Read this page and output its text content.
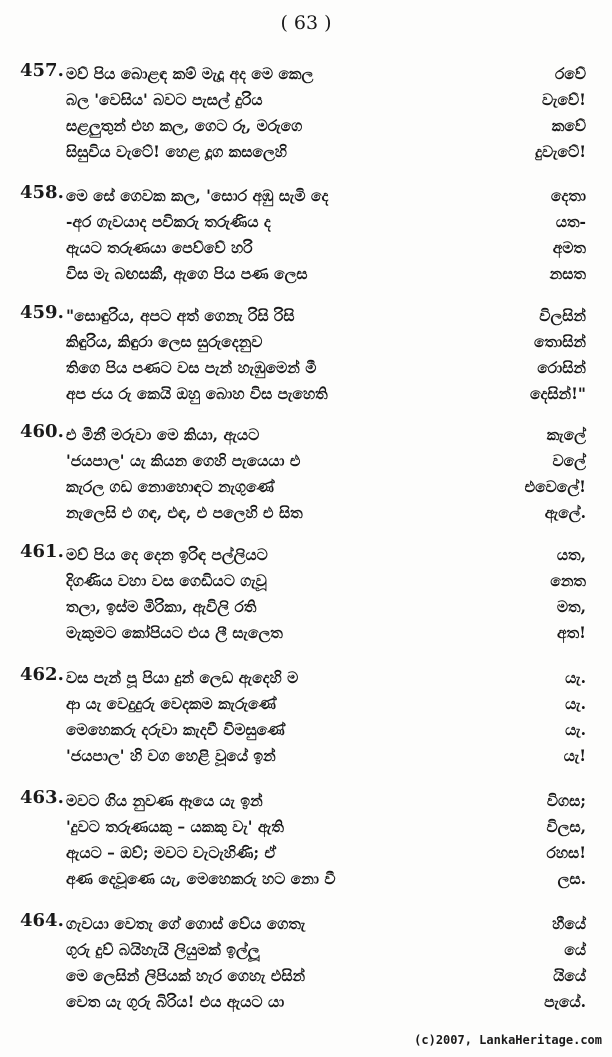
( 63 )
457. මව් පිය බොළඳ කම් මැදූ අද මෙ කෙල	රවේ
බල 'වෙසිය' බවට පැසල් දුරිය	වැවේ!
සළලුතුන් එහ කල, ගෙට රූ, මරුගෙ	කවේ
සිසුවිය වැටේ! හෙළ දූග කසලෙහි	දුවැටේ!
458. මෙ සේ ගෙවක කල, 'සොර අඹු සැමි දෙ	දෙතා
-අර ගැවයාද පවිකරු තරුණිය ද	යත-
ඇයට තරුණයා පෙව්වේ හරි	අමත
විස මැ බඟසකී, ඇගෙ පිය පණ ලෙස	නසත
459. "සොඳුරිය, අපට අත් ගෙනැ රිසි රිසි	විලසින්
කිඳුරිය, කිඳුරා ලෙස සුරුදෙනුව	තොසින්
තිගෙ පිය පණට වස පැන් හැඹුමෙන් මී	රොසින්
අප ජය රු කෙයි ඔහු බොහ විස පැහෙති	දෙසින්!"
460. එ මිනී මරුවා මෙ කියා, ඇයට	කැලේ
'ජයපාල' යැ කියන ගෙහි පැයෙයා එ	වලේ
කැරල ගඩ නොහොඳට නැගුණේ	එවෙලේ!
නැලෙසි එ ගඳ, එඳ, එ පලෙහි එ සිත	ඇලේ.
461. මව් පිය දෙ දෙන ඉරිඳ පල්ලියට	යත,
දිගණිය වහා වස ගෙඩියට ගැවූ	නෙත
තලා, ඉස්ම මිරිකා, ඇවිලි රති	මත,
මැකුමට කෝපියට එය ලී සැලෙත	අත!
462. වස පැන් පූ පියා දුන් ලෙඩ ඇදෙහි ම	යැ.
ආ යැ වෙදුදුරු වෙදකම කැරුණේ	යැ.
මෙහෙකරු දරුවා කැදවී විමසුණේ	යැ.
'ජයපාල' හි වග හෙළි වූයේ ඉන්	යැ!
463. මවට ගිය නුවණ ඈයෙ යැ ඉන්	විගස;
'දුවට තරුණයකු – යකකු වැ' ඇති	විලස,
ඇයට – ඔව්; මවට වැටැහිණි; ඒ	රහස!
අණ දෙවූණෙ යැ, මෙහෙකරු හට නො වී	ලස.
464. ගැවයා වෙතැ ගේ ගොස් වේය ගෙතැ	හීයේ
ගුරු දුව් බයිහැයි ලියුමක් ඉල්ලූ	යේ
මෙ ලෙසින් ලිපියක් හැර ගෙහැ එසින්	යියේ
වෙත යැ ගුරු බිරිය! එය ඇයට යා	පැයේ.
(c)2007, LankaHeritage.com
